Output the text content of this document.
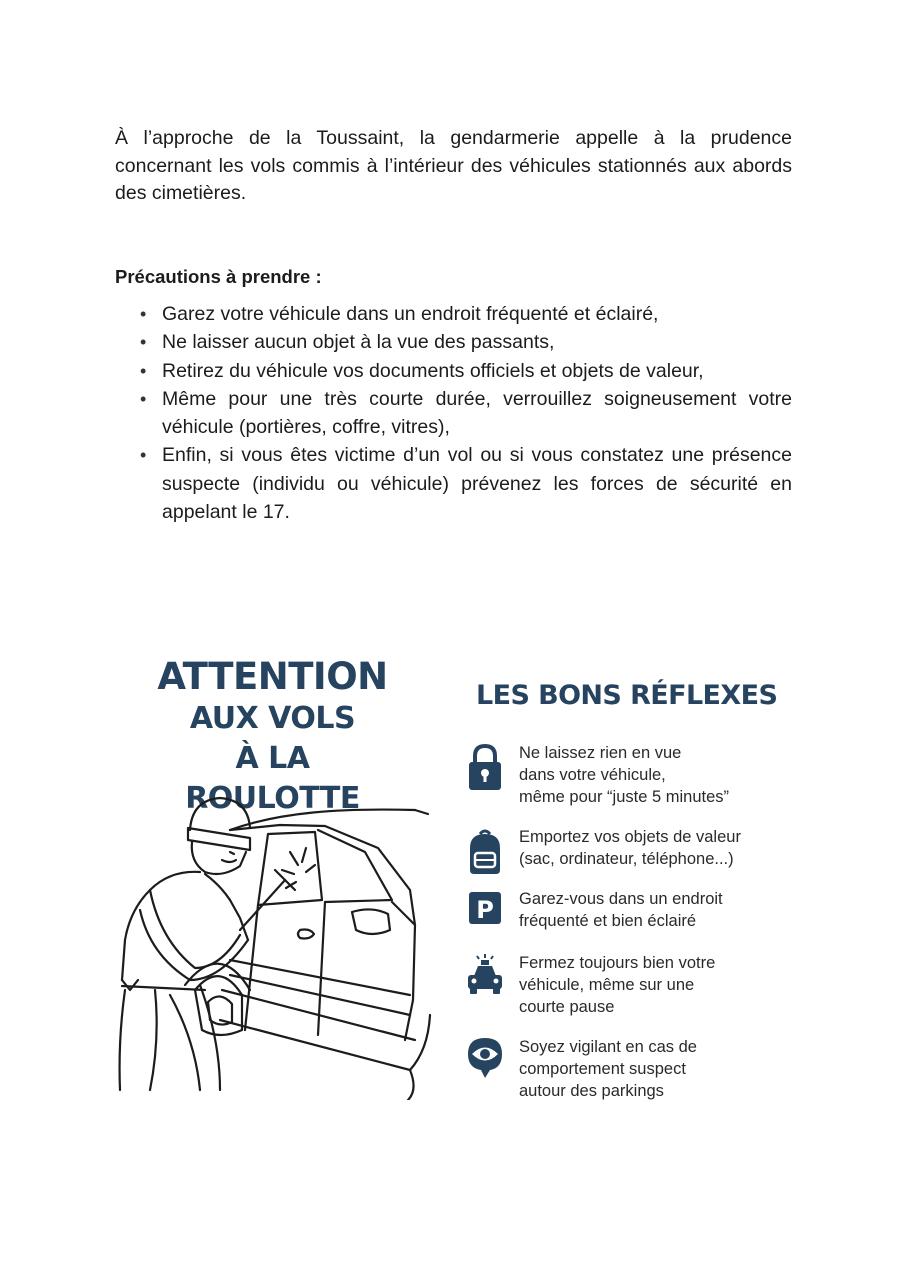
À l’approche de la Toussaint, la gendarmerie appelle à la prudence concernant les vols commis à l’intérieur des véhicules stationnés aux abords des cimetières.

Précautions à prendre :

• Garez votre véhicule dans un endroit fréquenté et éclairé,
• Ne laisser aucun objet à la vue des passants,
• Retirez du véhicule vos documents officiels et objets de valeur,
• Même pour une très courte durée, verrouillez soigneusement votre véhicule (portières, coffre, vitres),
• Enfin, si vous êtes victime d’un vol ou si vous constatez une présence suspecte (individu ou véhicule) prévenez les forces de sécurité en appelant le 17.
ATTENTION
AUX VOLS
À LA ROULOTTE
LES BONS RÉFLEXES
Ne laissez rien en vue
dans votre véhicule,
même pour “juste 5 minutes”
Emportez vos objets de valeur
(sac, ordinateur, téléphone...)
P Garez-vous dans un endroit
fréquenté et bien éclairé
Fermez toujours bien votre
véhicule, même sur une
courte pause
Soyez vigilant en cas de
comportement suspect
autour des parkings
